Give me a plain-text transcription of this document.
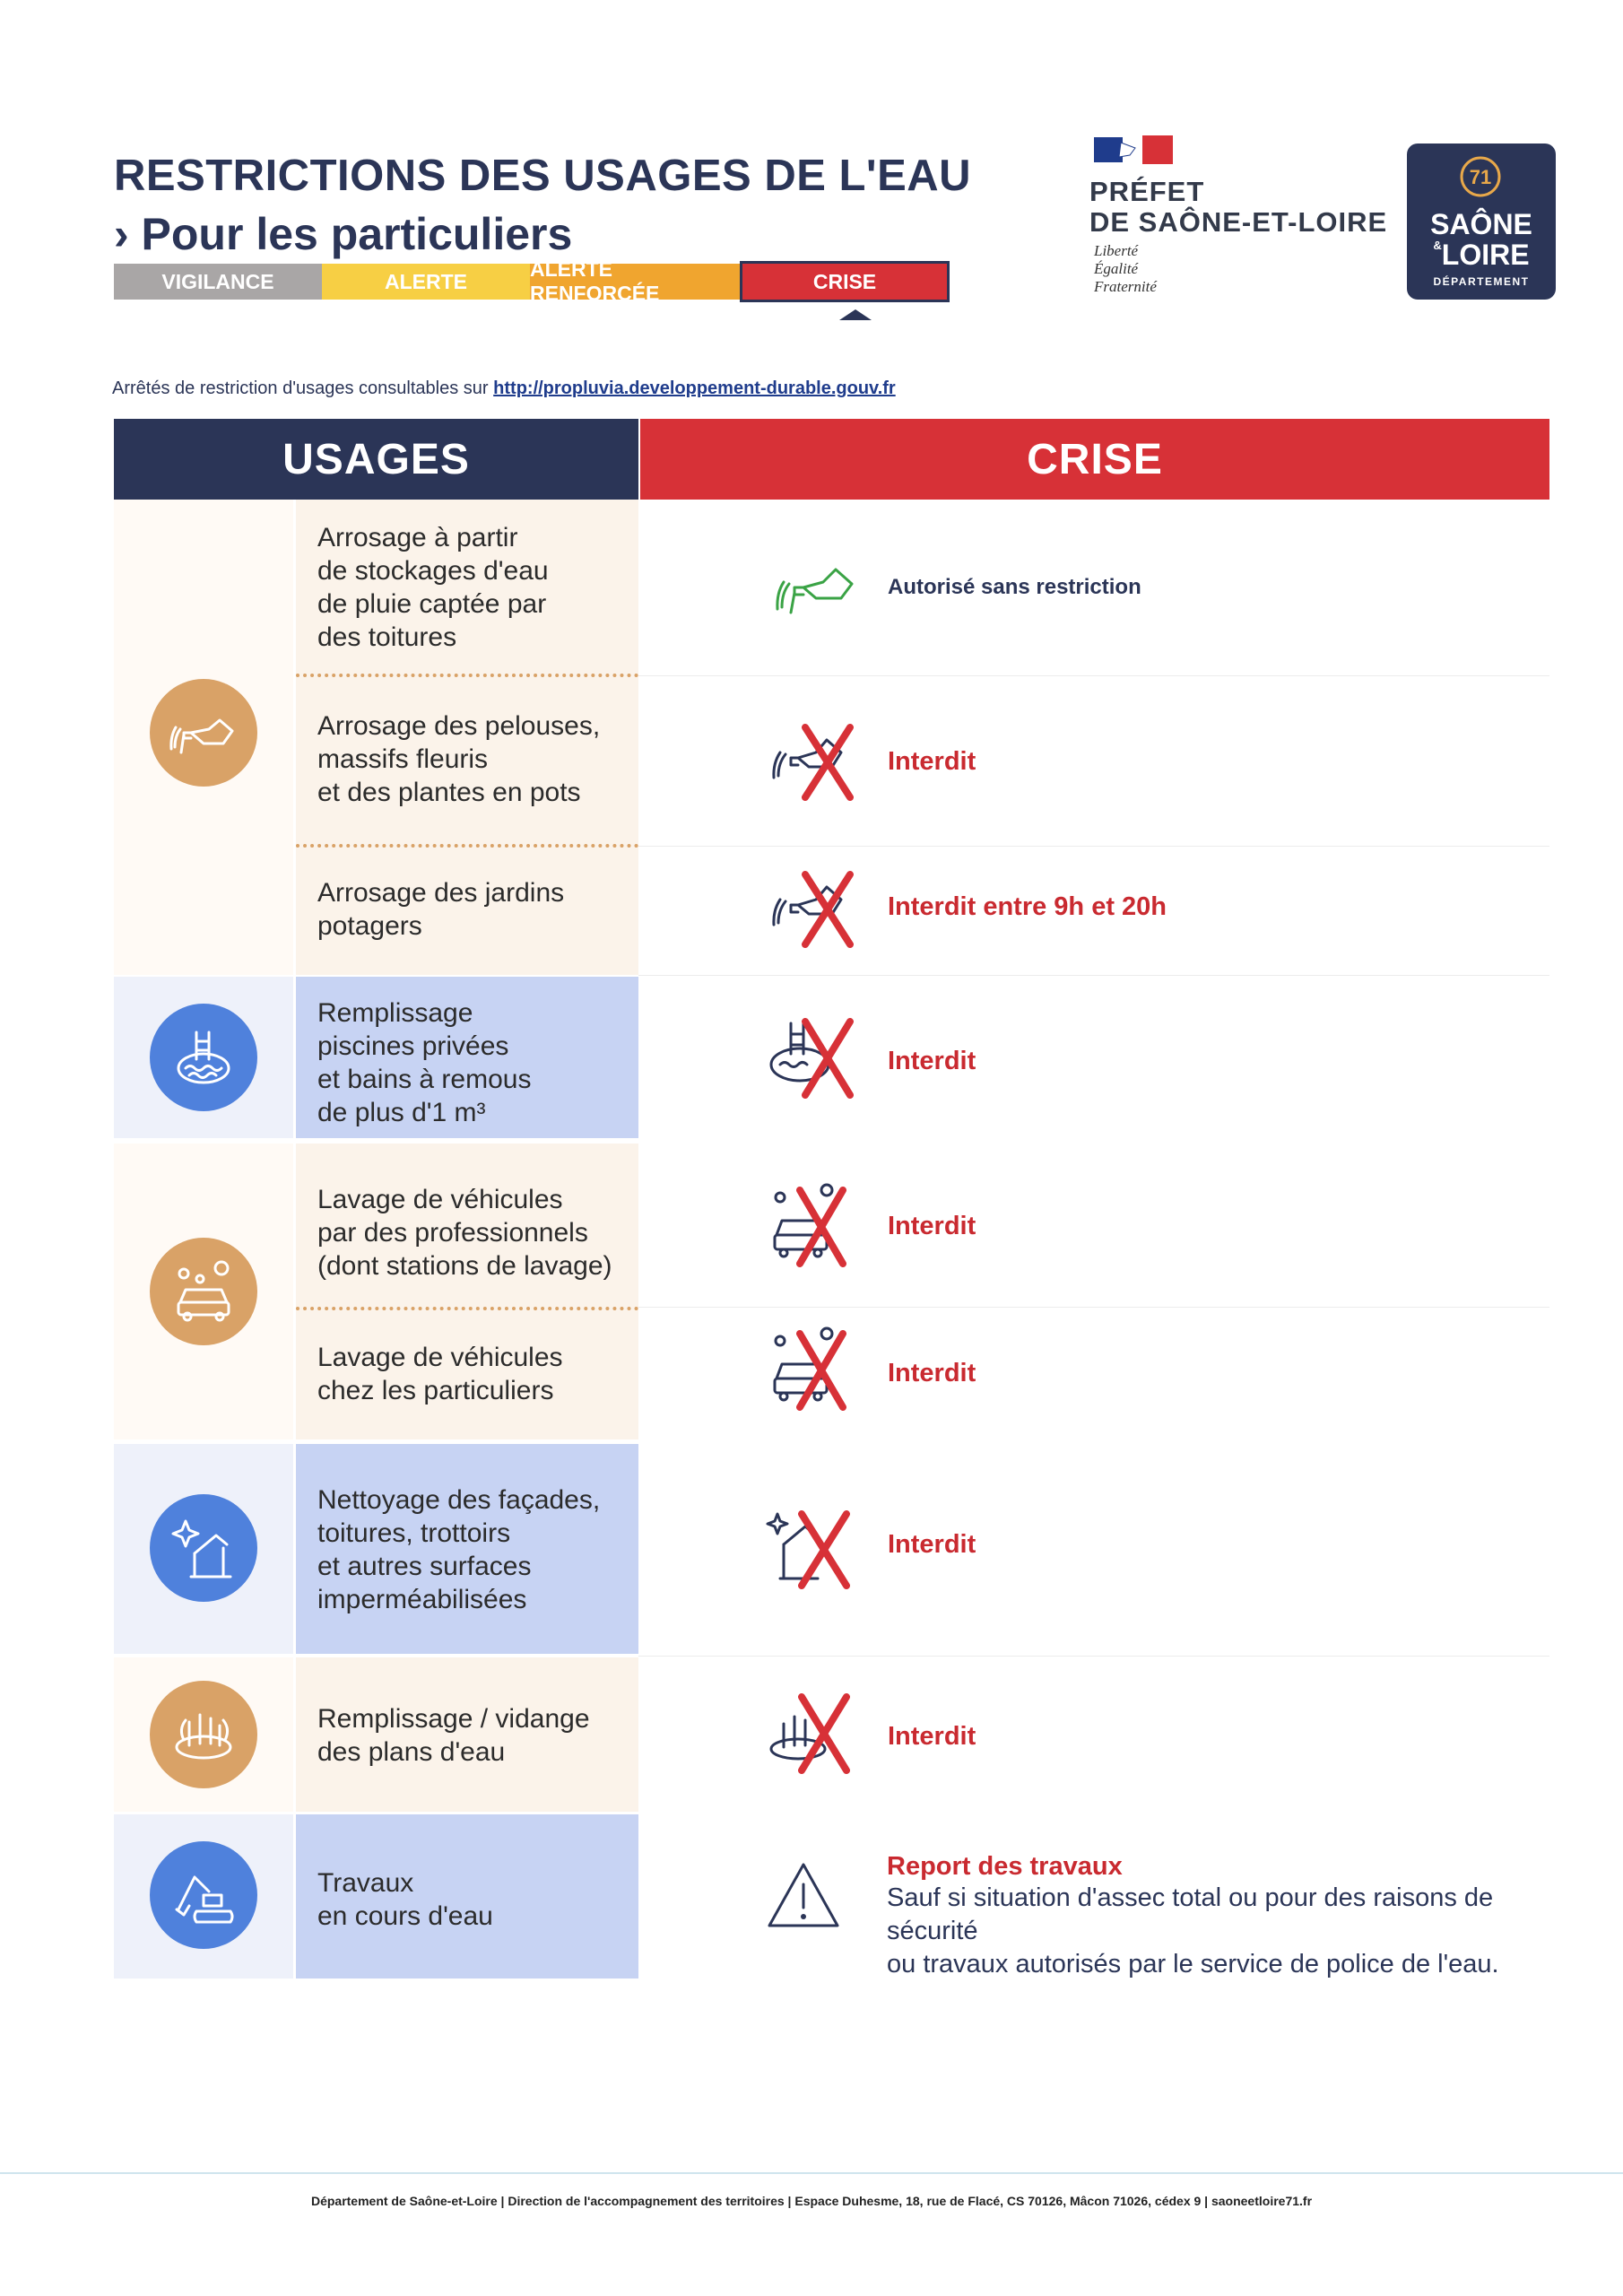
RESTRICTIONS DES USAGES DE L'EAU
› Pour les particuliers
VIGILANCE	ALERTE
ALERTE RENFORCÉE
CRISE
PRÉFET
DE SAÔNE-ET-LOIRE
Liberté
Égalité
Fraternité
71
SAÔNE
&LOIRE
DÉPARTEMENT
Arrêtés de restriction d'usages consultables sur http://propluvia.developpement-durable.gouv.fr
USAGES	CRISE
Arrosage à partir
de stockages d'eau
de pluie captée par
des toitures
Autorisé sans restriction
Arrosage des pelouses,
massifs fleuris
et des plantes en pots
Interdit
Arrosage des jardins
potagers
Interdit entre 9h et 20h
Remplissage
piscines privées
et bains à remous
de plus d'1 m³
Interdit
Lavage de véhicules
par des professionnels
(dont stations de lavage)
Interdit
Lavage de véhicules
chez les particuliers
Interdit
Nettoyage des façades,
toitures, trottoirs
et autres surfaces
imperméabilisées
Interdit
Remplissage / vidange
des plans d'eau
Interdit
Travaux
en cours d'eau
Report des travaux
Sauf si situation d'assec total ou pour des raisons de sécurité
ou travaux autorisés par le service de police de l'eau.
Département de Saône-et-Loire | Direction de l'accompagnement des territoires | Espace Duhesme, 18, rue de Flacé, CS 70126, Mâcon 71026, cédex 9 | saoneetloire71.fr
